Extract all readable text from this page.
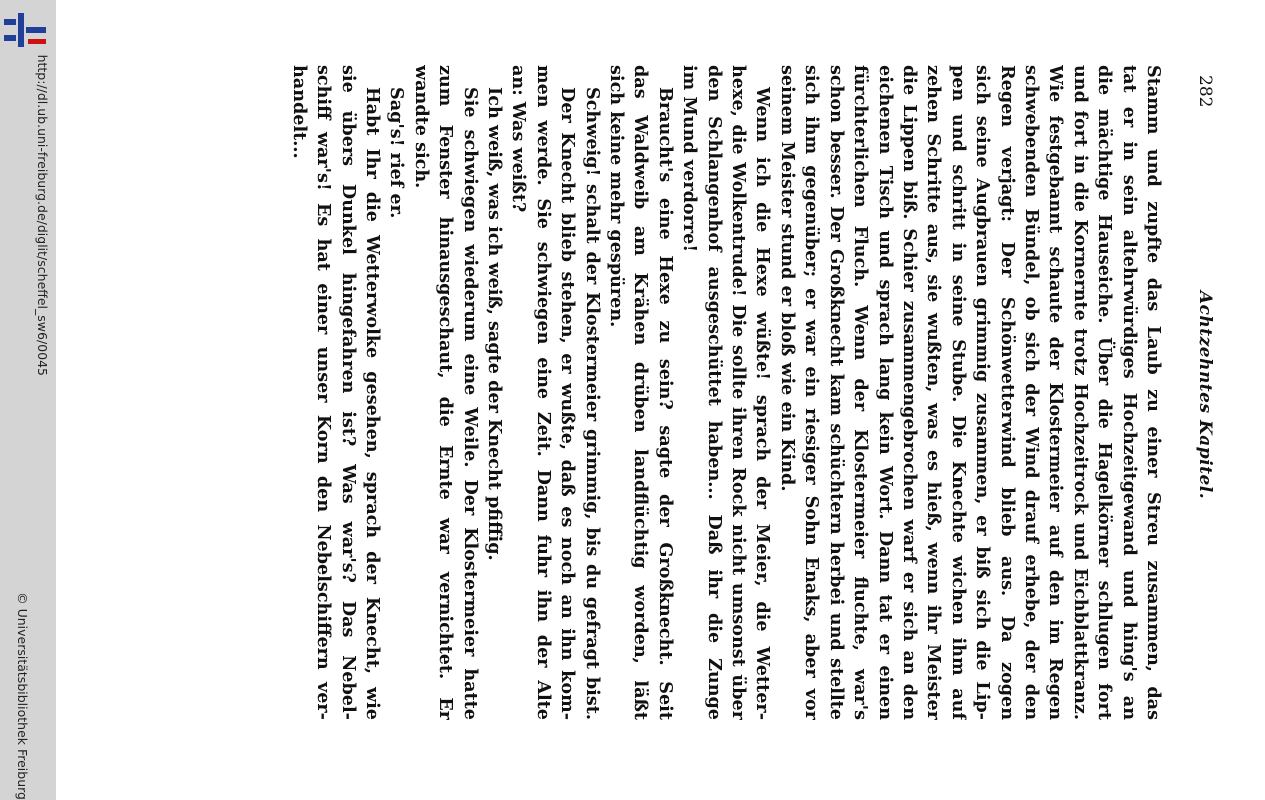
http://dl.ub.uni-freiburg.de/diglit/scheffel_sw6/0045
© Universitätsbibliothek Freiburg
282
Achtzehntes Kapitel.
Stamm und zupfte das Laub zu einer Streu zusammen, das
tat er in sein altehrwürdiges Hochzeitgewand und hing's an
die mächtige Hauseiche. Über die Hagelkörner schlugen fort
und fort in die Kornernte trotz Hochzeitrock und Eichblattkranz.
Wie festgebannt schaute der Klostermeier auf den im Regen
schwebenden Bündel, ob sich der Wind drauf erhebe, der den
Regen verjagt: Der Schönwetterwind blieb aus. Da zogen
sich seine Augbrauen grimmig zusammen, er biß sich die Lip-
pen und schritt in seine Stube. Die Knechte wichen ihm auf
zehen Schritte aus, sie wußten, was es hieß, wenn ihr Meister
die Lippen biß. Schier zusammengebrochen warf er sich an den
eichenen Tisch und sprach lang kein Wort. Dann tat er einen
fürchterlichen Fluch. Wenn der Klostermeier fluchte, war's
schon besser. Der Großknecht kam schüchtern herbei und stellte
sich ihm gegenüber; er war ein riesiger Sohn Enaks, aber vor
seinem Meister stund er bloß wie ein Kind.
Wenn ich die Hexe wüßte! sprach der Meier, die Wetter-
hexe, die Wolkentrude! Die sollte ihren Rock nicht umsonst über
den Schlangenhof ausgeschüttet haben... Daß ihr die Zunge
im Mund verdorre!
Braucht's eine Hexe zu sein? sagte der Großknecht. Seit
das Waldweib am Krähen drüben landflüchtig worden, läßt
sich keine mehr gespüren.
Schweig! schalt der Klostermeier grimmig, bis du gefragt bist.
Der Knecht blieb stehen, er wußte, daß es noch an ihn kom-
men werde. Sie schwiegen eine Zeit. Dann fuhr ihn der Alte
an: Was weißt?
Ich weiß, was ich weiß, sagte der Knecht pfiffig.
Sie schwiegen wiederum eine Weile. Der Klostermeier hatte
zum Fenster hinausgeschaut, die Ernte war vernichtet. Er
wandte sich.
Sag's! rief er.
Habt Ihr die Wetterwolke gesehen, sprach der Knecht, wie
sie übers Dunkel hingefahren ist? Was war's? Das Nebel-
schiff war's! Es hat einer unser Korn den Nebelschiffern ver-
handelt...
